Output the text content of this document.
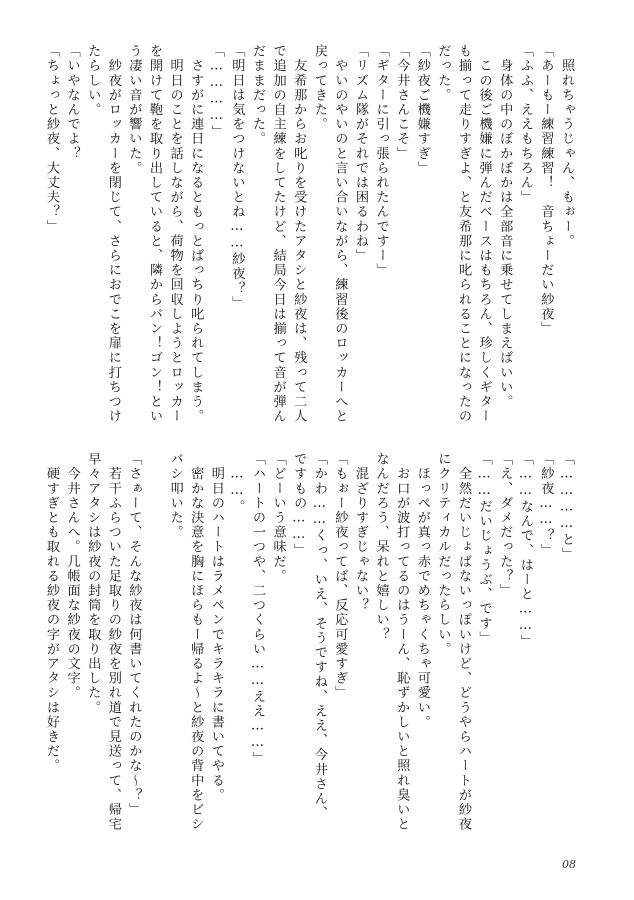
　照れちゃうじゃん、もぉー。
「あーもー練習練習！　音ちょーだい紗夜」
「ふふ、ええもちろん」
　身体の中のぼかぼかは全部音に乗せてしまえばいい。
　この後ご機嫌に弾んだベースはもちろん、珍しくギター
も揃って走りすぎよ、と友希那に叱られることになったの
だった。
「紗夜ご機嫌すぎ」
「今井さんこそ」
「ギターに引っ張られたんですー」
「リズム隊がそれでは困るわね」
　やいのやいのと言い合いながら、練習後のロッカーへと
戻ってきた。
　友希那からお叱りを受けたアタシと紗夜は、残って二人
で追加の自主練をしてたけど、結局今日は揃って音が弾ん
だままだった。
「明日は気をつけないとね……紗夜？」
「…………」
　さすがに連日になるともっとばっちり叱られてしまう。
　明日のことを話しながら、荷物を回収しようとロッカー
を開けて鞄を取り出していると、隣からバン！ゴン！とい
う凄い音が響いた。
　紗夜がロッカーを閉じて、さらにおでこを扉に打ちつけ
たらしい。
「いやなんでよ？
「ちょっと紗夜、大丈夫？」
「…………と」
「紗夜……？」
「……なんで、はーと……」
「え、ダメだった？」
「……だいじょうぶ、です」
　全然だいじょばないっぽいけど、どうやらハートが紗夜
にクリティカルだったらしい。
　ほっぺが真っ赤でめちゃくちゃ可愛い。
　お口が波打ってるのはうーん、恥ずかしいと照れ臭いと
なんだろう、呆れと嬉しい？
　混ざりすぎじゃない？
「もぉー紗夜ってば、反応可愛すぎ」
「かわ……くっ、いえ、そうですね、ええ、今井さん、
ですもの……」
「どーいう意味だ。
「ハートの一つや、二つくらい……ええ……」
　……。
　明日のハートはラメペンでキラキラに書いてやる。
　密かな決意を胸にほらもー帰るよ〜と紗夜の背中をビシ
バシ叩いた。
「さぁーて、そんな紗夜は何書いてくれたのかな〜？」
　若干ふらついた足取りの紗夜を別れ道で見送って、帰宅
早々アタシは紗夜の封筒を取り出した。
　今井さんへ。几帳面な紗夜の文字。
　硬すぎとも取れる紗夜の字がアタシは好きだ。
08
